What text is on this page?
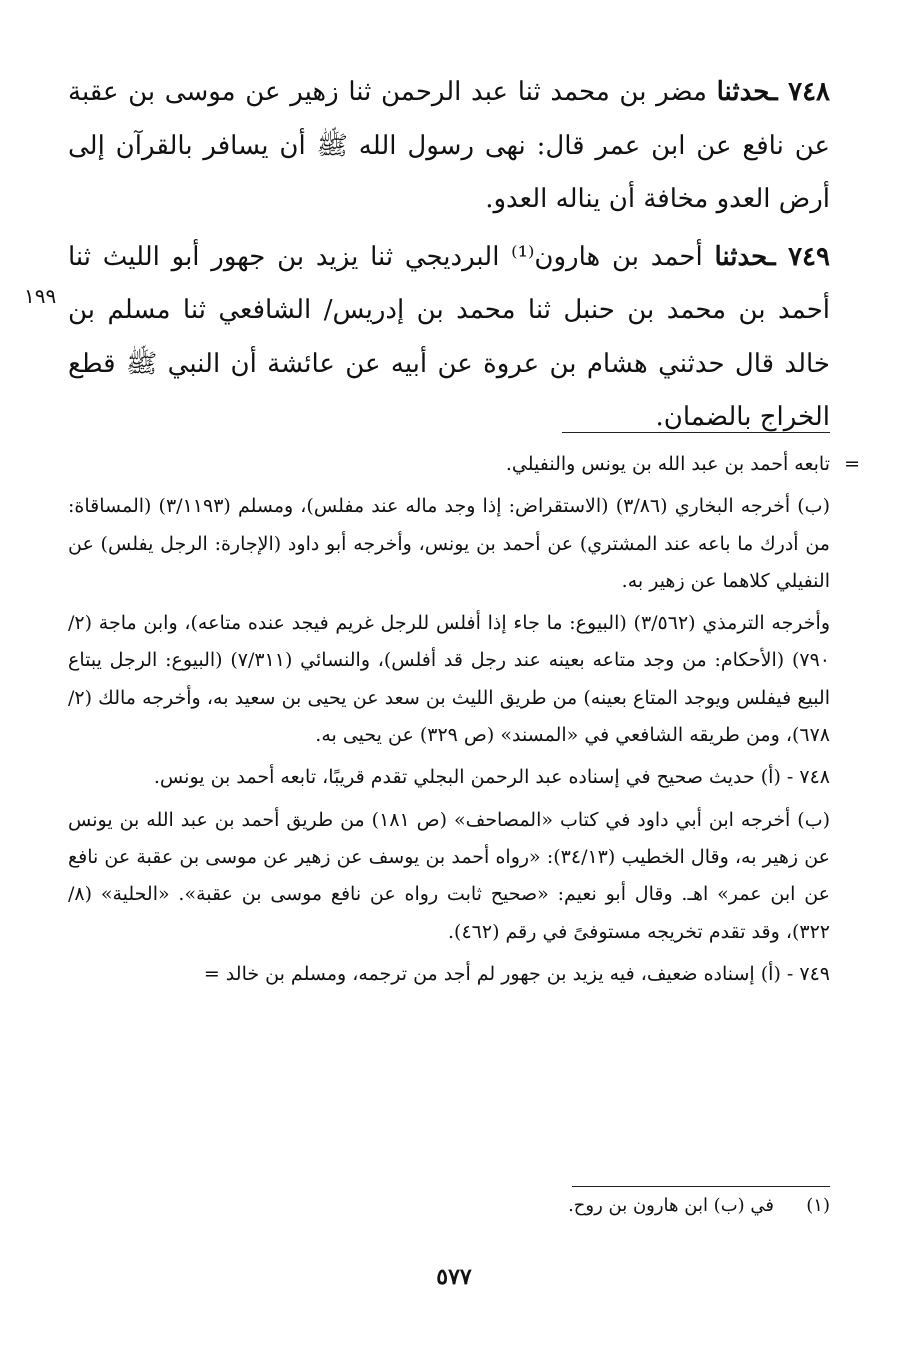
٧٤٨ ـحدثنا مضر بن محمد ثنا عبد الرحمن ثنا زهير عن موسى بن عقبة عن نافع عن ابن عمر قال: نهى رسول الله ﷺ أن يسافر بالقرآن إلى أرض العدو مخافة أن يناله العدو.

٧٤٩ ـحدثنا أحمد بن هارون⁽¹⁾ البرديجي ثنا يزيد بن جهور أبو الليث ثنا أحمد بن محمد بن حنبل ثنا محمد بن إدريس/ الشافعي ثنا مسلم بن خالد قال حدثني هشام بن عروة عن أبيه عن عائشة أن النبي ﷺ قطع الخراج بالضمان.

١٩٩

=
تابعه أحمد بن عبد الله بن يونس والنفيلي.

(ب) أخرجه البخاري (٣/٨٦) (الاستقراض: إذا وجد ماله عند مفلس)، ومسلم (٣/١١٩٣) (المساقاة: من أدرك ما باعه عند المشتري) عن أحمد بن يونس، وأخرجه أبو داود (الإجارة: الرجل يفلس) عن النفيلي كلاهما عن زهير به.

وأخرجه الترمذي (٣/٥٦٢) (البيوع: ما جاء إذا أفلس للرجل غريم فيجد عنده متاعه)، وابن ماجة (٢/ ٧٩٠) (الأحكام: من وجد متاعه بعينه عند رجل قد أفلس)، والنسائي (٧/٣١١) (البيوع: الرجل يبتاع البيع فيفلس ويوجد المتاع بعينه) من طريق الليث بن سعد عن يحيى بن سعيد به، وأخرجه مالك (٢/ ٦٧٨)، ومن طريقه الشافعي في «المسند» (ص ٣٢٩) عن يحيى به.

٧٤٨ - (أ) حديث صحيح في إسناده عبد الرحمن البجلي تقدم قريبًا، تابعه أحمد بن يونس.

(ب) أخرجه ابن أبي داود في كتاب «المصاحف» (ص ١٨١) من طريق أحمد بن عبد الله بن يونس عن زهير به، وقال الخطيب (٣٤/١٣): «رواه أحمد بن يوسف عن زهير عن موسى بن عقبة عن نافع عن ابن عمر» اهـ. وقال أبو نعيم: «صحيح ثابت رواه عن نافع موسى بن عقبة». «الحلية» (٨/ ٣٢٢)، وقد تقدم تخريجه مستوفىً في رقم (٤٦٢).

٧٤٩ - (أ) إسناده ضعيف، فيه يزيد بن جهور لم أجد من ترجمه، ومسلم بن خالد =

(١)في (ب) ابن هارون بن روح.
٥٧٧
